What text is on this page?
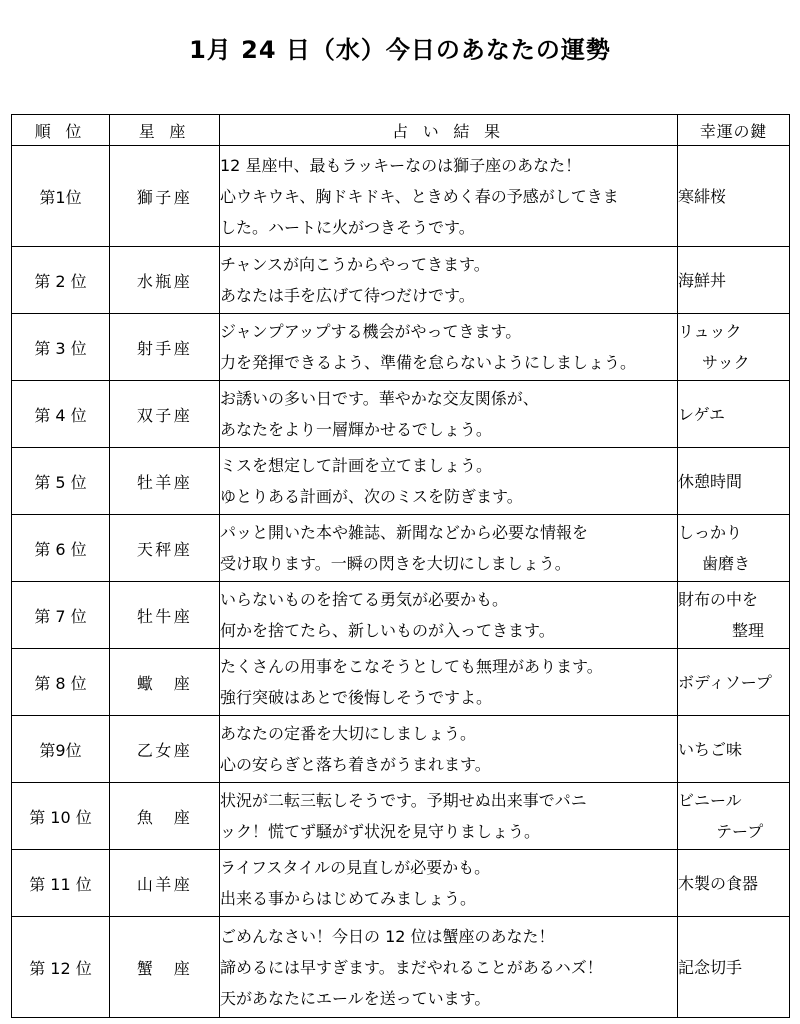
1月 24 日（水）今日のあなたの運勢
順 位	星 座	占 い 結 果	幸運の鍵
第1位	獅子座	12 星座中、最もラッキーなのは獅子座のあなた！
心ウキウキ、胸ドキドキ、ときめく春の予感がしてきま
した。ハートに火がつきそうです。	寒緋桜

第 2 位	水瓶座	チャンスが向こうからやってきます。
あなたは手を広げて待つだけです。	海鮮丼

第 3 位	射手座	ジャンプアップする機会がやってきます。
力を発揮できるよう、準備を怠らないようにしましょう。	リュック
サック

第 4 位	双子座	お誘いの多い日です。華やかな交友関係が、
あなたをより一層輝かせるでしょう。	レゲエ

第 5 位	牡羊座	ミスを想定して計画を立てましょう。
ゆとりある計画が、次のミスを防ぎます。	休憩時間

第 6 位	天秤座	パッと開いた本や雑誌、新聞などから必要な情報を
受け取ります。一瞬の閃きを大切にしましょう。	しっかり
歯磨き

第 7 位	牡牛座	いらないものを捨てる勇気が必要かも。
何かを捨てたら、新しいものが入ってきます。	財布の中を
整理

第 8 位	蠍　座	たくさんの用事をこなそうとしても無理があります。
強行突破はあとで後悔しそうですよ。	ボディソープ

第9位	乙女座	あなたの定番を大切にしましょう。
心の安らぎと落ち着きがうまれます。	いちご味

第 10 位	魚　座	状況が二転三転しそうです。予期せぬ出来事でパニ
ック！慌てず騒がず状況を見守りましょう。	ビニール
テープ

第 11 位	山羊座	ライフスタイルの見直しが必要かも。
出来る事からはじめてみましょう。	木製の食器

第 12 位	蟹　座	ごめんなさい！今日の 12 位は蟹座のあなた！
諦めるには早すぎます。まだやれることがあるハズ！
天があなたにエールを送っています。	記念切手
